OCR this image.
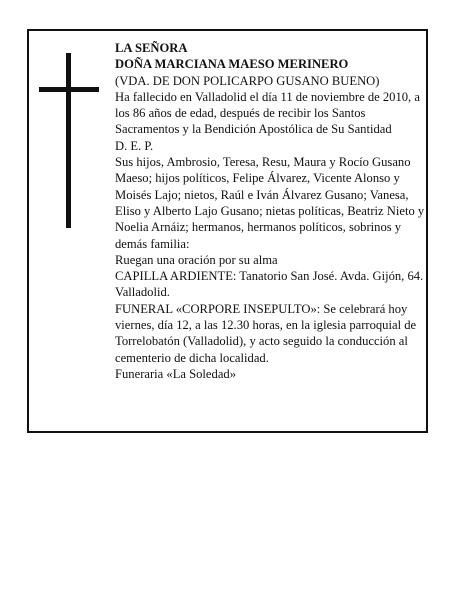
LA SEÑORA

DOÑA MARCIANA MAESO MERINERO

(VDA. DE DON POLICARPO GUSANO BUENO)

Ha fallecido en Valladolid el día 11 de noviembre de 2010, a los 86 años de edad, después de recibir los Santos Sacramentos y la Bendición Apostólica de Su Santidad

D. E. P.

Sus hijos, Ambrosio, Teresa, Resu, Maura y Rocío Gusano Maeso; hijos políticos, Felipe Álvarez, Vicente Alonso y Moisés Lajo; nietos, Raúl e Iván Álvarez Gusano; Vanesa, Eliso y Alberto Lajo Gusano; nietas políticas, Beatriz Nieto y Noelia Arnáiz; hermanos, hermanos políticos, sobrinos y demás familia:

Ruegan una oración por su alma

CAPILLA ARDIENTE: Tanatorio San José. Avda. Gijón, 64. Valladolid.

FUNERAL «CORPORE INSEPULTO»: Se celebrará hoy viernes, día 12, a las 12.30 horas, en la iglesia parroquial de Torrelobatón (Valladolid), y acto seguido la conducción al cementerio de dicha localidad.

Funeraria «La Soledad»
